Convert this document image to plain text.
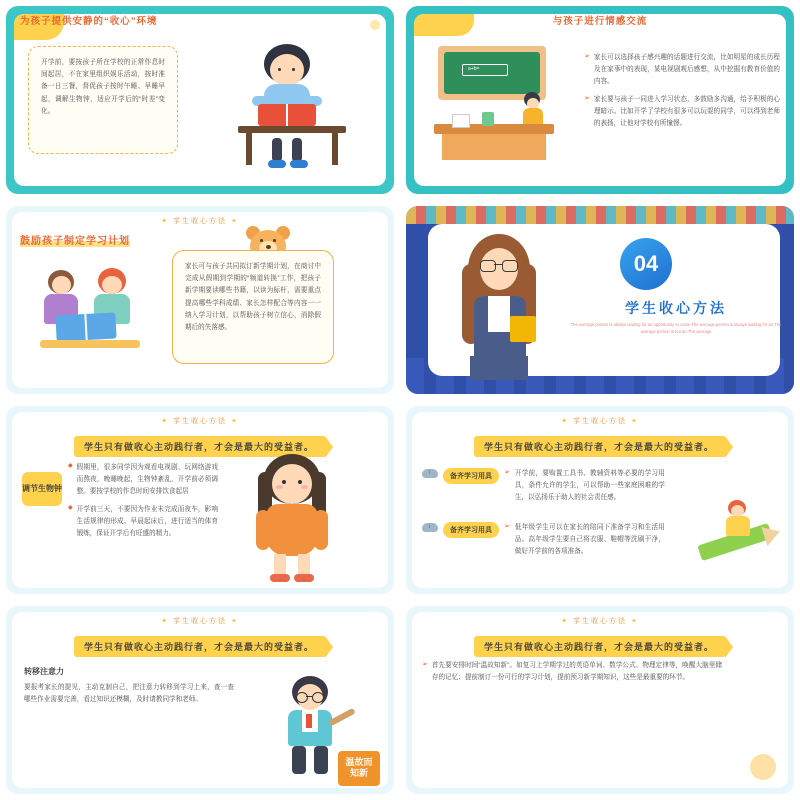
为孩子提供安静的“收心”环境
开学前，要按孩子所在学校的正常作息时间起居，不在家里组织娱乐活动，按时准备一日三餐，督促孩子按时午睡、早睡早起，调解生物钟，适应开学后的“时差”变化。
与孩子进行情感交流
a+b=
➢ 家长可以选择孩子感兴趣的话题进行交流，比如明星的成长历程及在家事中的表现，某电视剧观后感想，从中挖掘有教育价值的内容。
➢ 家长要与孩子一同进入学习状态，多鼓励多沟通，给予积极的心理暗示。比如开学了学校有很多可以玩耍的同学，可以得到老师的表扬，让他对学校有所憧憬。
✦ 学生收心方法 ✦
鼓励孩子制定学习计划
家长可与孩子共同拟订新学期计划，在商讨中完成从假期到学期的“频道转换”工作，把孩子新学期要读哪些书籍，以读为标杆，需要重点提高哪些学科成绩、家长怎样配合等内容一一纳入学习计划，以帮助孩子树立信心，消除假期后的失落感。
04
学生收心方法
The average person is always waiting for an opportunity to come The average person is always waiting for an The average person is too an The average
✦ 学生收心方法 ✦
学生只有做收心主动践行者，才会是最大的受益者。
调节生物钟
◆ 假期里，很多同学因为观看电视剧、玩网络游戏而熬夜，晚睡晚起，生物钟紊乱，开学前必须调整。要按学校的作息时间安排饮食起居
◆ 开学前三天，不要因为作业未完成而夜车，影响生活规律的形成、早晨起床后，进行适当的体育锻炼，保证开学后有旺盛的精力。
✦ 学生收心方法 ✦
学生只有做收心主动践行者，才会是最大的受益者。
备齐学习用具
➢ 开学前，要购置工具书、教辅资料等必要的学习用具，条件允许的学生，可以帮助一些家庭困难的学生，以弘扬乐于助人的社会责任感。
备齐学习用具
➢ 低年级学生可以在家长的陪同下准备学习和生活用品。高年级学生要自己将衣服、鞋帽等洗刷干净，做好开学前的各项准备。
✦ 学生收心方法 ✦
学生只有做收心主动践行者，才会是最大的受益者。
转移注意力
要报考家长的提见，主动克制自己，把注意力转移到学习上来，查一查哪些作业需要完善，看过知识还模糊，及时请教同学和老师。
温故而知新
✦ 学生收心方法 ✦
学生只有做收心主动践行者，才会是最大的受益者。
➢ 首先要安排时间“温故知新”。如复习上学期学过的英语单词、数学公式、物理定律等，唤醒大脑里储存的记忆；提前制订一份可行的学习计划，提前预习新学期知识，这些是最重要的环节。
